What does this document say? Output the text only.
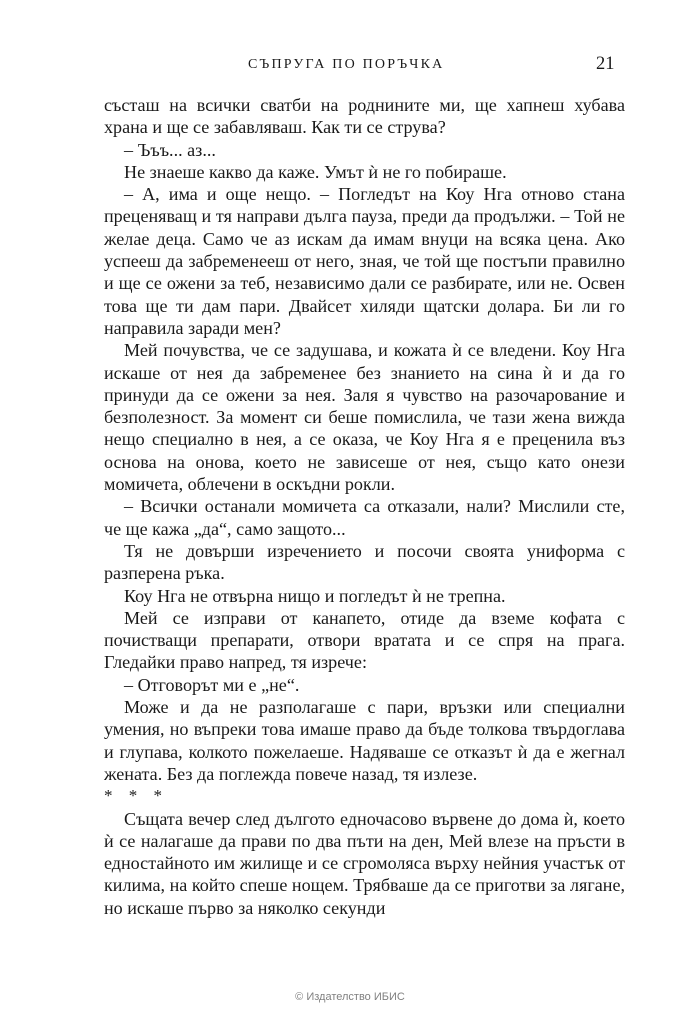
СЪПРУГА ПО ПОРЪЧКА	21

състаш на всички сватби на роднините ми, ще хапнеш хубава храна и ще се забавляваш. Как ти се струва?

– Ъъъ... аз...

Не знаеше какво да каже. Умът ѝ не го побираше.

– А, има и още нещо. – Погледът на Коу Нга отново стана преценяващ и тя направи дълга пауза, преди да продължи. – Той не желае деца. Само че аз искам да имам внуци на всяка цена. Ако успееш да забременееш от него, зная, че той ще постъпи правилно и ще се ожени за теб, независимо дали се разбирате, или не. Освен това ще ти дам пари. Двайсет хиляди щатски долара. Би ли го направила заради мен?

Мей почувства, че се задушава, и кожата ѝ се вледени. Коу Нга искаше от нея да забременее без знанието на сина ѝ и да го принуди да се ожени за нея. Заля я чувство на разочарование и безполезност. За момент си беше помислила, че тази жена вижда нещо специално в нея, а се оказа, че Коу Нга я е преценила въз основа на онова, което не зависеше от нея, също като онези момичета, облечени в оскъдни рокли.

– Всички останали момичета са отказали, нали? Мислили сте, че ще кажа „да“, само защото...

Тя не довърши изречението и посочи своята униформа с разперена ръка.

Коу Нга не отвърна нищо и погледът ѝ не трепна.

Мей се изправи от канапето, отиде да вземе кофата с почистващи препарати, отвори вратата и се спря на прага. Гледайки право напред, тя изрече:

– Отговорът ми е „не“.

Може и да не разполагаше с пари, връзки или специални умения, но въпреки това имаше право да бъде толкова твърдоглава и глупава, колкото пожелаеше. Надяваше се отказът ѝ да е жегнал жената. Без да поглежда повече назад, тя излезе.

* * *

Същата вечер след дългото едночасово вървене до дома ѝ, което ѝ се налагаше да прави по два пъти на ден, Мей влезе на пръсти в едностайното им жилище и се сгромоляса върху нейния участък от килима, на който спеше нощем. Трябваше да се приготви за лягане, но искаше първо за няколко секунди

© Издателство ИБИС
